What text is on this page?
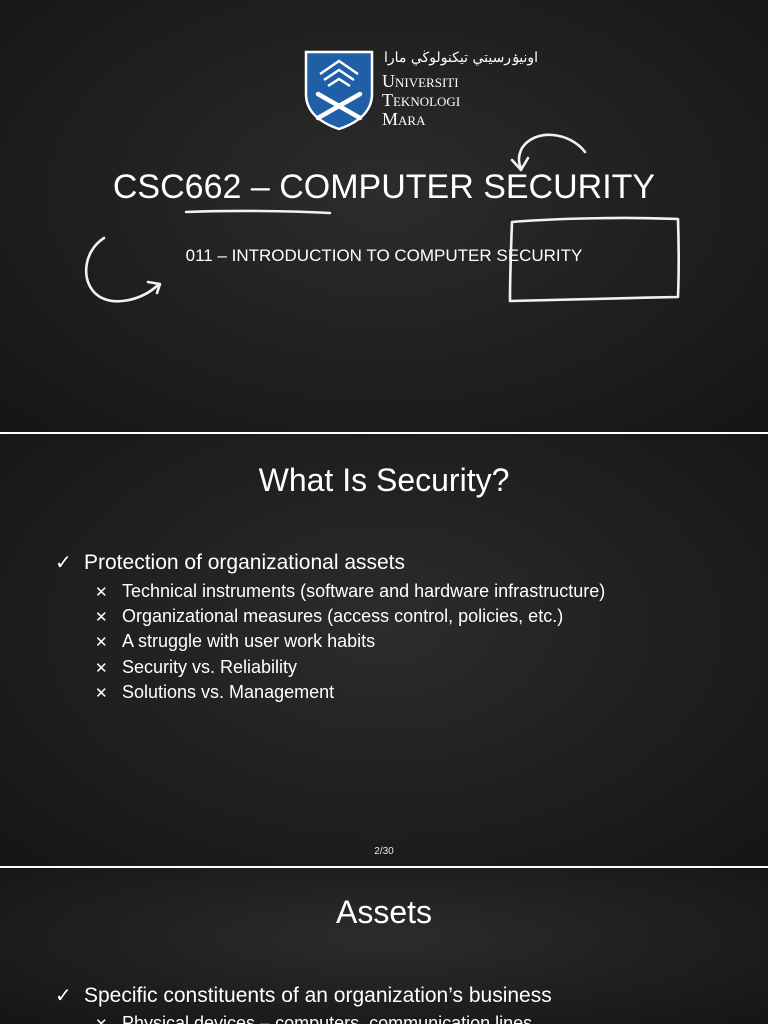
اونيۏرسيتي تيكنولوڬي مارا
Universiti
Teknologi
Mara
CSC662 – COMPUTER SECURITY
011 – INTRODUCTION TO COMPUTER SECURITY
What Is Security?
✓ Protection of organizational assets
✕ Technical instruments (software and hardware infrastructure)
✕ Organizational measures (access control, policies, etc.)
✕ A struggle with user work habits
✕ Security vs. Reliability
✕ Solutions vs. Management
2/30
Assets
✓ Specific constituents of an organization’s business
✕ Physical devices – computers, communication lines
